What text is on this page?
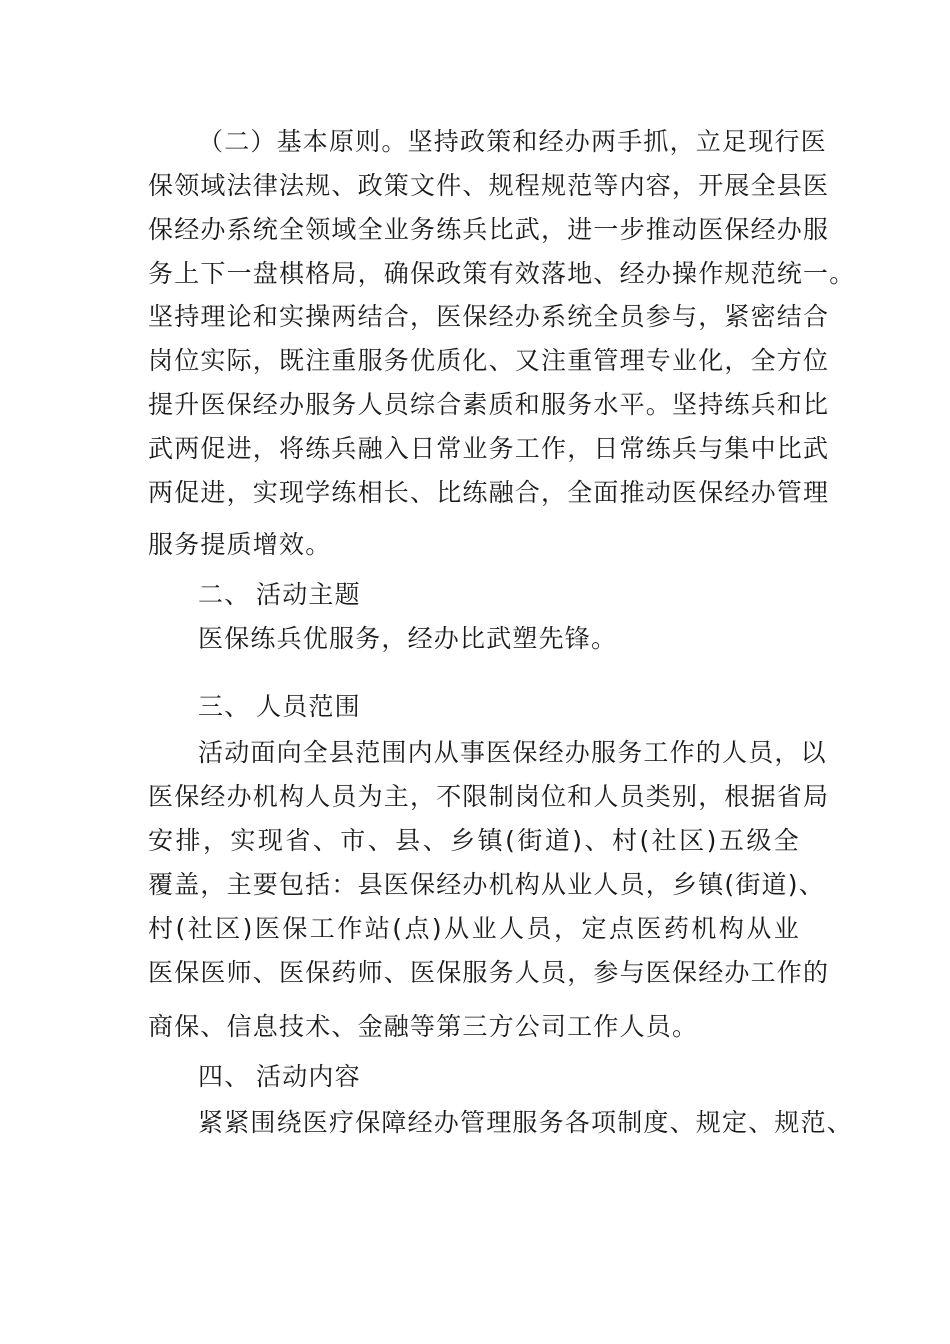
（二）基本原则。坚持政策和经办两手抓，立足现行医
保领域法律法规、政策文件、规程规范等内容，开展全县医
保经办系统全领域全业务练兵比武，进一步推动医保经办服
务上下一盘棋格局，确保政策有效落地、经办操作规范统一。
坚持理论和实操两结合，医保经办系统全员参与，紧密结合
岗位实际，既注重服务优质化、又注重管理专业化，全方位
提升医保经办服务人员综合素质和服务水平。坚持练兵和比
武两促进，将练兵融入日常业务工作，日常练兵与集中比武
两促进，实现学练相长、比练融合，全面推动医保经办管理
服务提质增效。
二、 活动主题
医保练兵优服务，经办比武塑先锋。
三、 人员范围
活动面向全县范围内从事医保经办服务工作的人员，以
医保经办机构人员为主，不限制岗位和人员类别，根据省局
安排，实现省、市、县、乡镇(街道)、村(社区)五级全
覆盖，主要包括：县医保经办机构从业人员，乡镇(街道)、
村(社区)医保工作站(点)从业人员，定点医药机构从业
医保医师、医保药师、医保服务人员，参与医保经办工作的
商保、信息技术、金融等第三方公司工作人员。
四、 活动内容
紧紧围绕医疗保障经办管理服务各项制度、规定、规范、
